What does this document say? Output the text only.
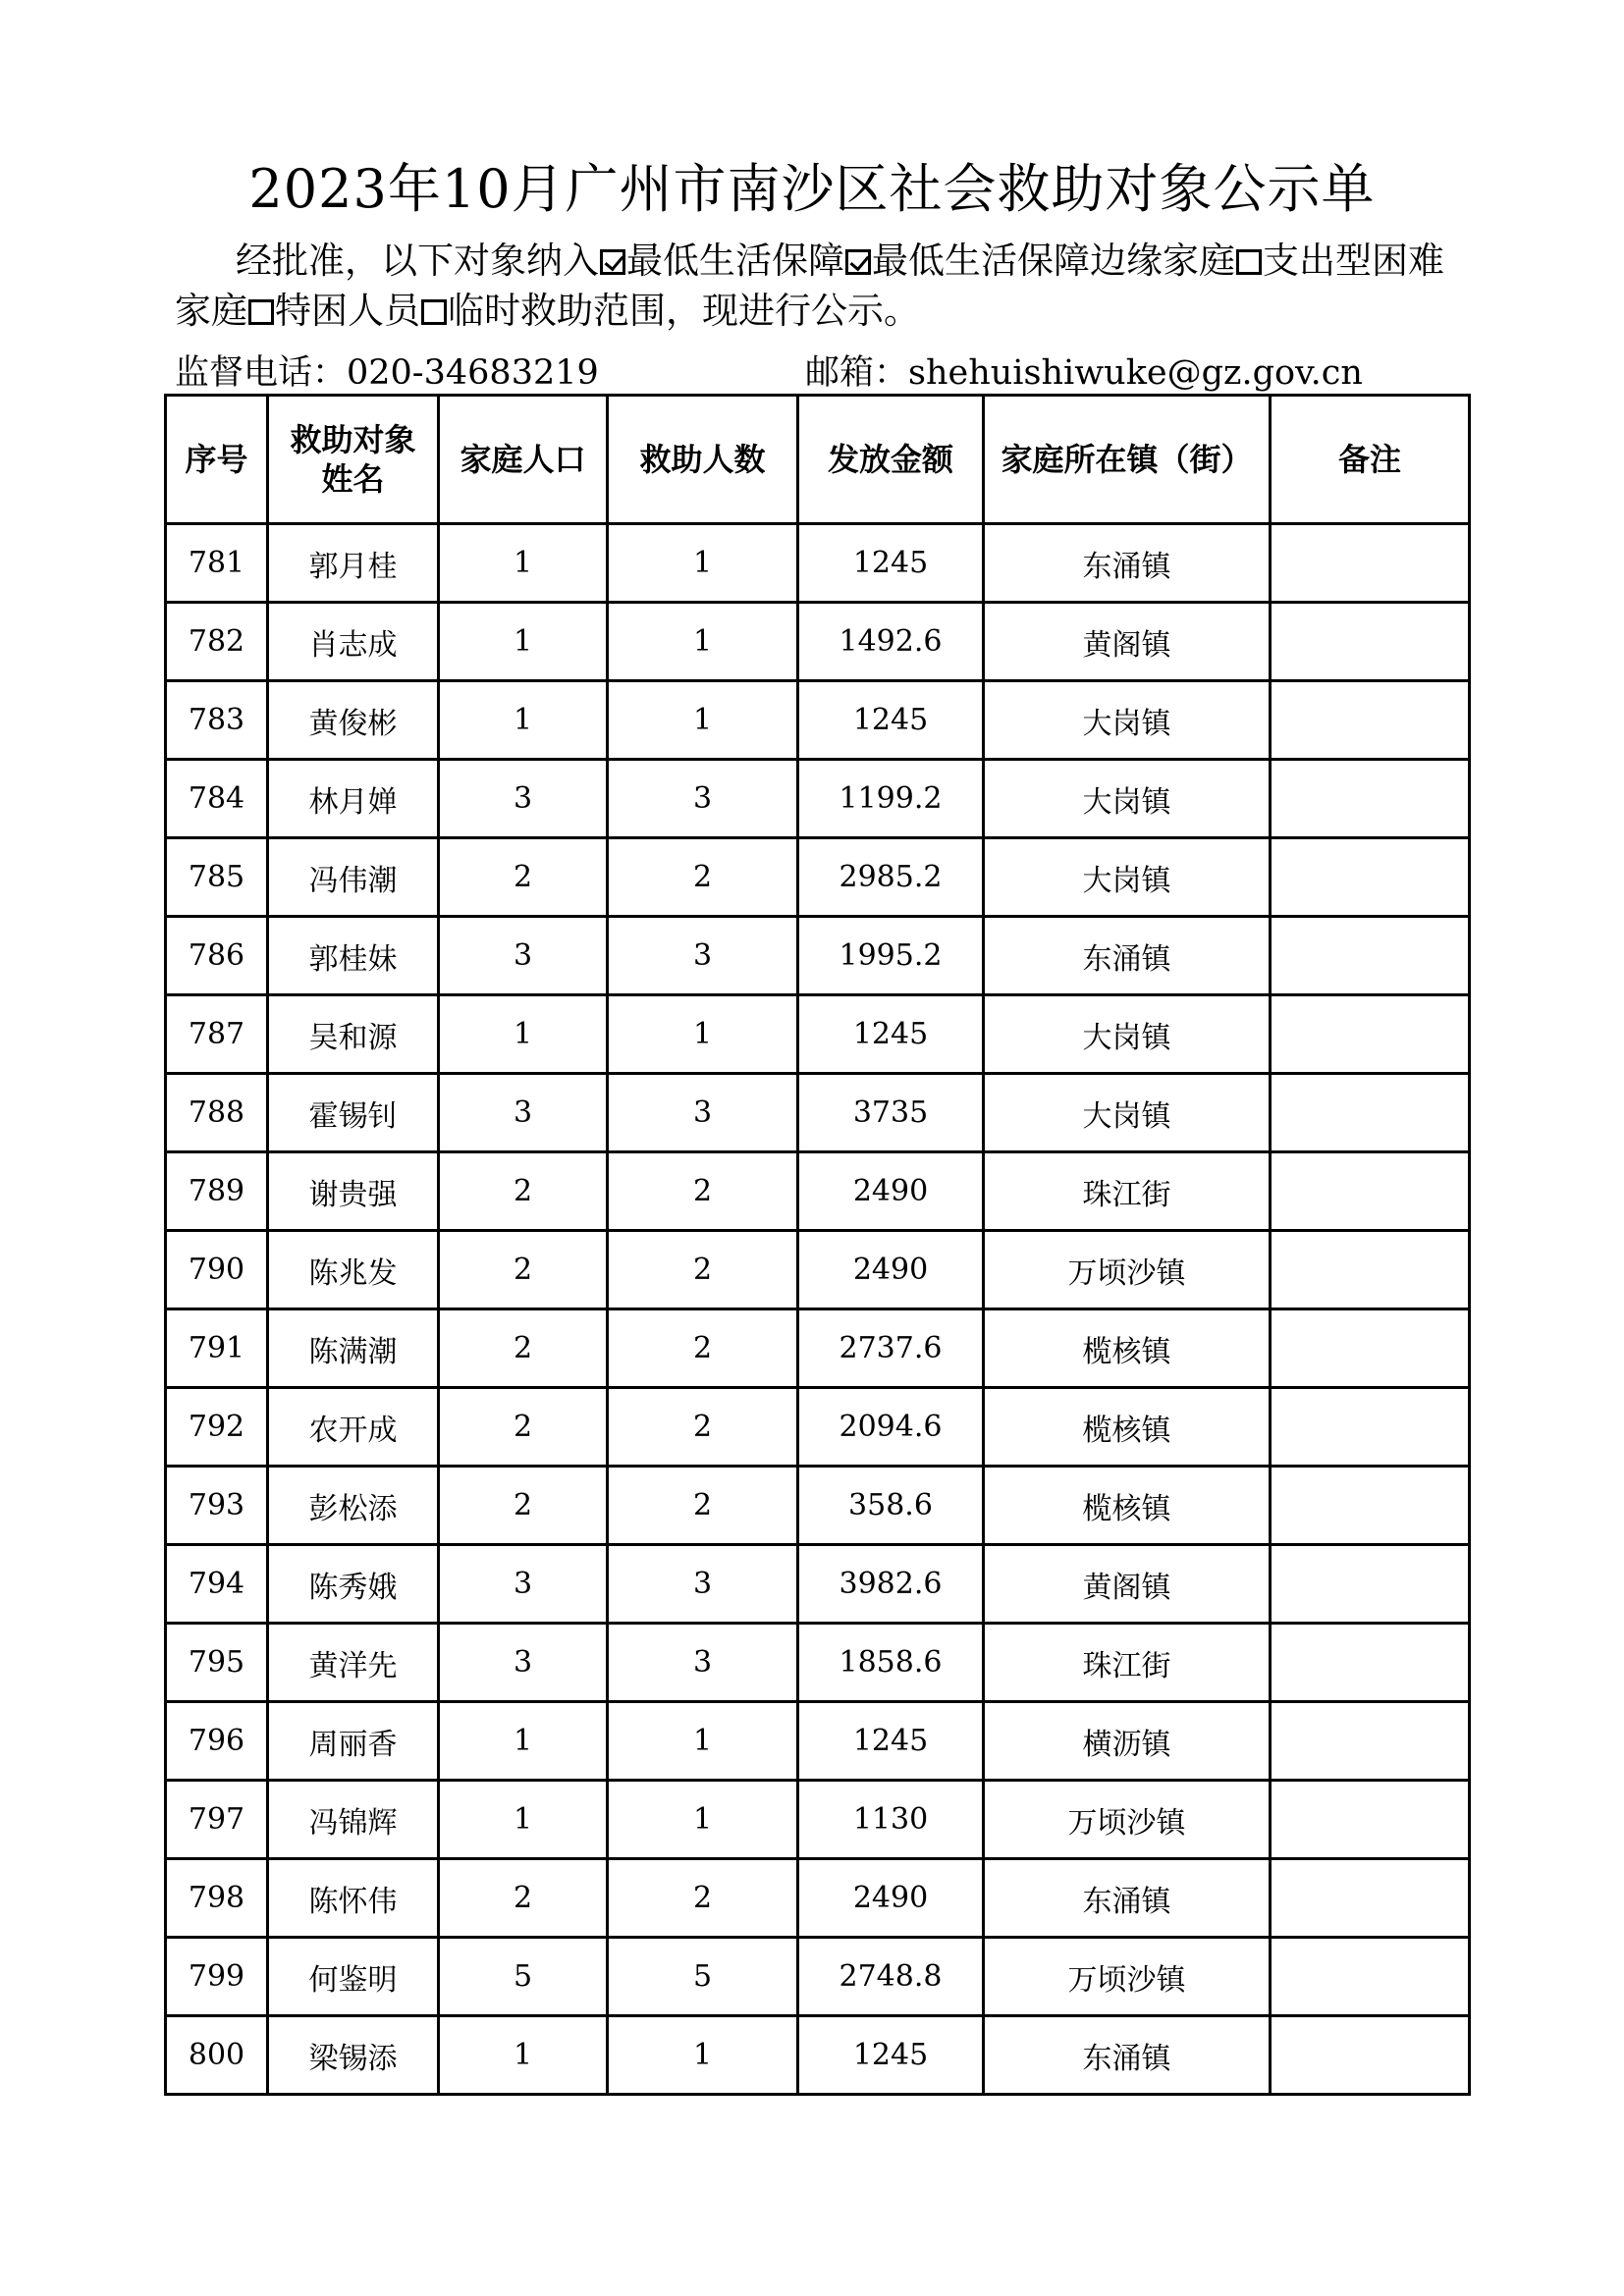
2023年10月广州市南沙区社会救助对象公示单
经批准，以下对象纳入 最低生活保障 最低生活保障边缘家庭 支出型困难家庭 特困人员 临时救助范围，现进行公示。
监督电话：020-34683219	邮箱：shehuishiwuke@gz.gov.cn
序号	救助对象姓名	家庭人口	救助人数	发放金额	家庭所在镇（街）	备注
781	郭月桂	1	1	1245	东涌镇	
782	肖志成	1	1	1492.6	黄阁镇	
783	黄俊彬	1	1	1245	大岗镇	
784	林月婵	3	3	1199.2	大岗镇	
785	冯伟潮	2	2	2985.2	大岗镇	
786	郭桂妹	3	3	1995.2	东涌镇	
787	吴和源	1	1	1245	大岗镇	
788	霍锡钊	3	3	3735	大岗镇	
789	谢贵强	2	2	2490	珠江街	
790	陈兆发	2	2	2490	万顷沙镇	
791	陈满潮	2	2	2737.6	榄核镇	
792	农开成	2	2	2094.6	榄核镇	
793	彭松添	2	2	358.6	榄核镇	
794	陈秀娥	3	3	3982.6	黄阁镇	
795	黄洋先	3	3	1858.6	珠江街	
796	周丽香	1	1	1245	横沥镇	
797	冯锦辉	1	1	1130	万顷沙镇	
798	陈怀伟	2	2	2490	东涌镇	
799	何鉴明	5	5	2748.8	万顷沙镇	
800	梁锡添	1	1	1245	东涌镇	
